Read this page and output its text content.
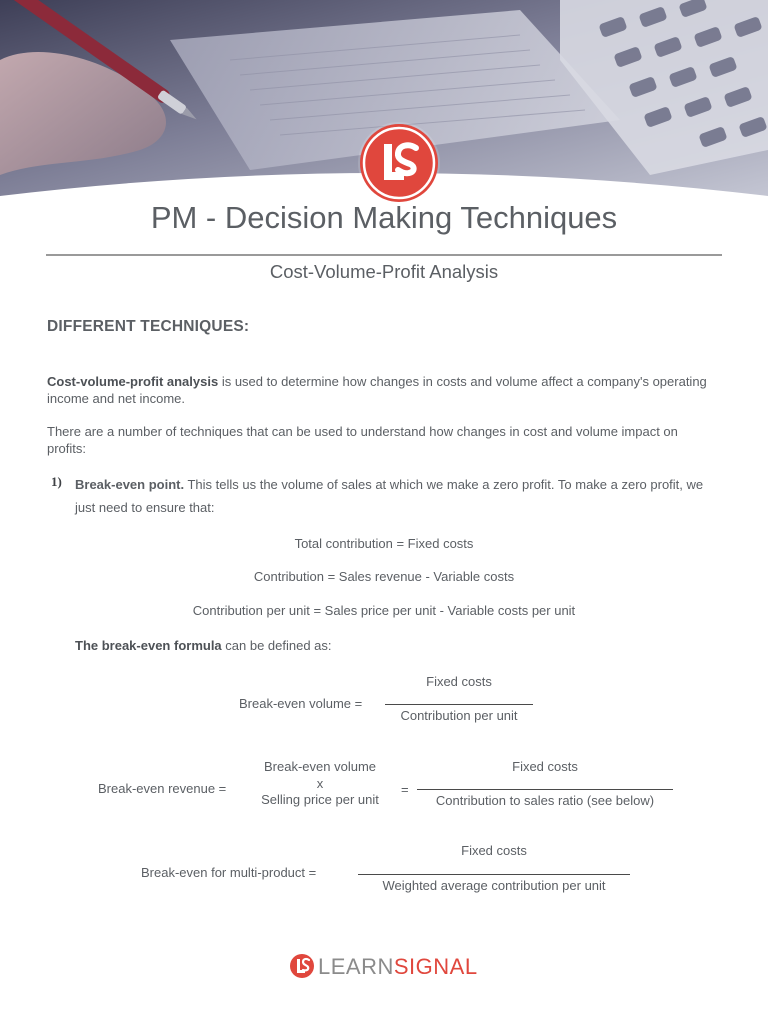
PM - Decision Making Techniques
Cost-Volume-Profit Analysis
DIFFERENT TECHNIQUES:
Cost-volume-profit analysis is used to determine how changes in costs and volume affect a company's operating income and net income.
There are a number of techniques that can be used to understand how changes in cost and volume impact on profits:
1) Break-even point. This tells us the volume of sales at which we make a zero profit. To make a zero profit, we just need to ensure that:
Total contribution = Fixed costs
Contribution = Sales revenue - Variable costs
Contribution per unit = Sales price per unit - Variable costs per unit
The break-even formula can be defined as:
Break-even volume =
Fixed costs
Contribution per unit
Break-even revenue =
Break-even volume
x
Selling price per unit
=
Fixed costs
Contribution to sales ratio (see below)
Break-even for multi-product =
Fixed costs
Weighted average contribution per unit
LEARNSIGNAL
